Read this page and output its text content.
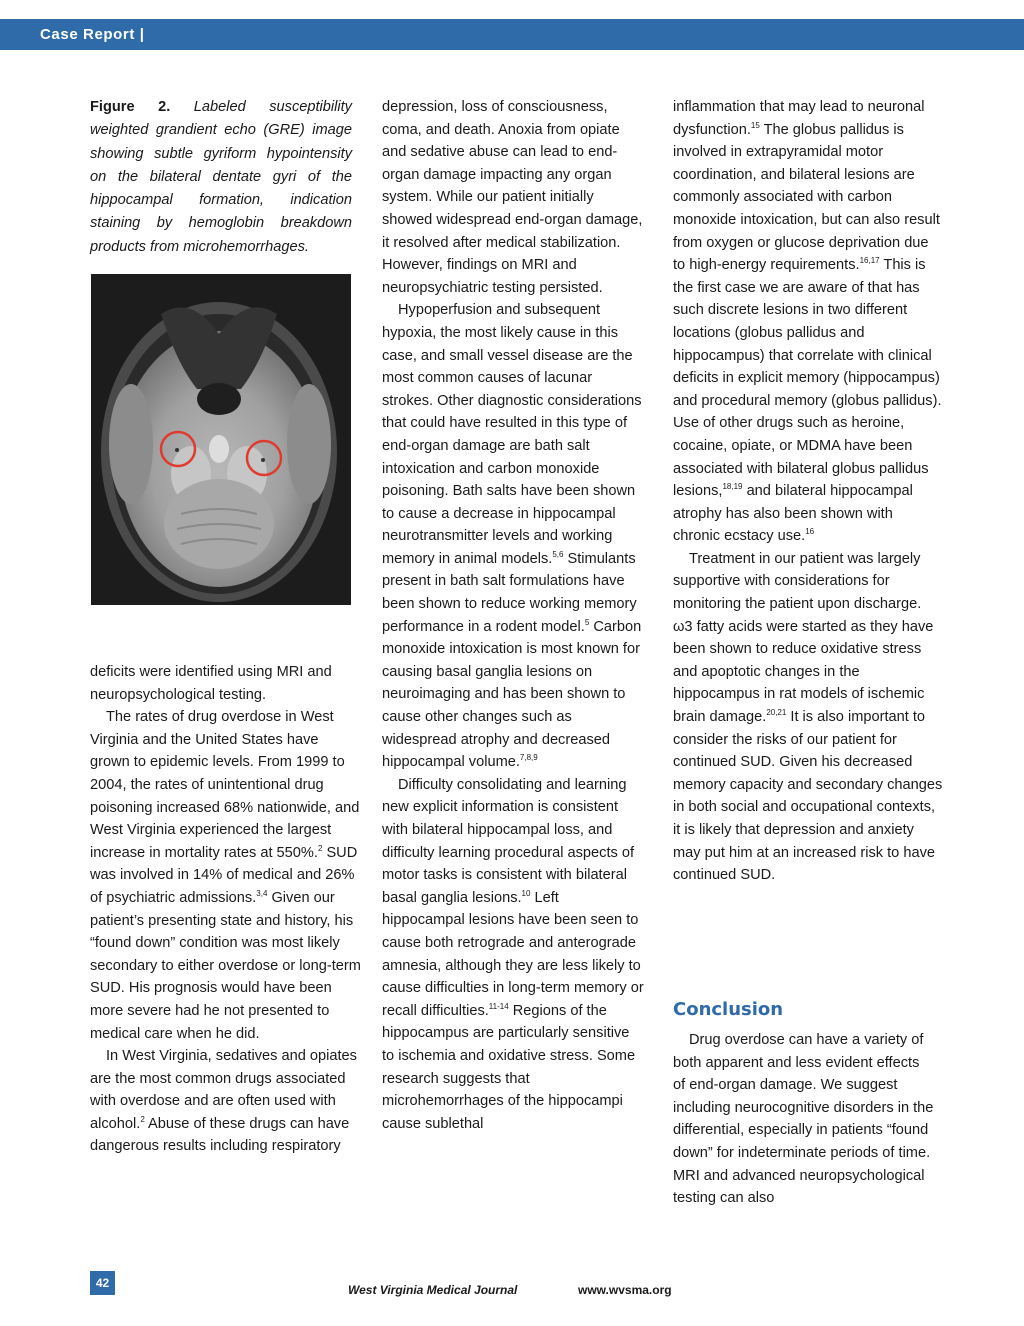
Case Report |
Figure 2. Labeled susceptibility weighted grandient echo (GRE) image showing subtle gyriform hypointensity on the bilateral dentate gyri of the hippocampal formation, indication staining by hemoglobin breakdown products from microhemorrhages.

deficits were identified using MRI and neuropsychological testing.

The rates of drug overdose in West Virginia and the United States have grown to epidemic levels. From 1999 to 2004, the rates of unintentional drug poisoning increased 68% nationwide, and West Virginia experienced the largest increase in mortality rates at 550%.$^2$ SUD was involved in 14% of medical and 26% of psychiatric admissions.$^{3,4}$ Given our patient’s presenting state and history, his “found down” condition was most likely secondary to either overdose or long-term SUD. His prognosis would have been more severe had he not presented to medical care when he did.

In West Virginia, sedatives and opiates are the most common drugs associated with overdose and are often used with alcohol.$^2$ Abuse of these drugs can have dangerous results including respiratory

depression, loss of consciousness, coma, and death. Anoxia from opiate and sedative abuse can lead to end-organ damage impacting any organ system. While our patient initially showed widespread end-organ damage, it resolved after medical stabilization. However, findings on MRI and neuropsychiatric testing persisted.

Hypoperfusion and subsequent hypoxia, the most likely cause in this case, and small vessel disease are the most common causes of lacunar strokes. Other diagnostic considerations that could have resulted in this type of end-organ damage are bath salt intoxication and carbon monoxide poisoning. Bath salts have been shown to cause a decrease in hippocampal neurotransmitter levels and working memory in animal models.$^{5,6}$ Stimulants present in bath salt formulations have been shown to reduce working memory performance in a rodent model.$^5$ Carbon monoxide intoxication is most known for causing basal ganglia lesions on neuroimaging and has been shown to cause other changes such as widespread atrophy and decreased hippocampal volume.$^{7,8,9}$

Difficulty consolidating and learning new explicit information is consistent with bilateral hippocampal loss, and difficulty learning procedural aspects of motor tasks is consistent with bilateral basal ganglia lesions.$^{10}$ Left hippocampal lesions have been seen to cause both retrograde and anterograde amnesia, although they are less likely to cause difficulties in long-term memory or recall difficulties.$^{11-14}$ Regions of the hippocampus are particularly sensitive to ischemia and oxidative stress. Some research suggests that microhemorrhages of the hippocampi cause sublethal

inflammation that may lead to neuronal dysfunction.$^{15}$ The globus pallidus is involved in extrapyramidal motor coordination, and bilateral lesions are commonly associated with carbon monoxide intoxication, but can also result from oxygen or glucose deprivation due to high-energy requirements.$^{16,17}$ This is the first case we are aware of that has such discrete lesions in two different locations (globus pallidus and hippocampus) that correlate with clinical deficits in explicit memory (hippocampus) and procedural memory (globus pallidus). Use of other drugs such as heroine, cocaine, opiate, or MDMA have been associated with bilateral globus pallidus lesions,$^{18,19}$ and bilateral hippocampal atrophy has also been shown with chronic ecstacy use.$^{16}$

Treatment in our patient was largely supportive with considerations for monitoring the patient upon discharge. ω3 fatty acids were started as they have been shown to reduce oxidative stress and apoptotic changes in the hippocampus in rat models of ischemic brain damage.$^{20,21}$ It is also important to consider the risks of our patient for continued SUD. Given his decreased memory capacity and secondary changes in both social and occupational contexts, it is likely that depression and anxiety may put him at an increased risk to have continued SUD.

Conclusion

Drug overdose can have a variety of both apparent and less evident effects of end-organ damage. We suggest including neurocognitive disorders in the differential, especially in patients “found down” for indeterminate periods of time. MRI and advanced neuropsychological testing can also

42	West Virginia Medical Journal	www.wvsma.org
